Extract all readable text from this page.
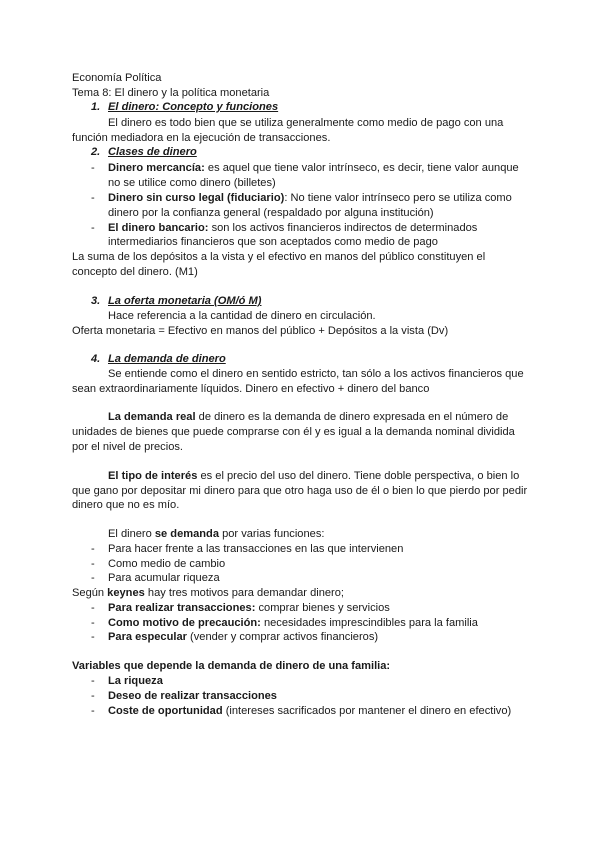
Economía Política
Tema 8: El dinero y la política monetaria
1. El dinero: Concepto y funciones
El dinero es todo bien que se utiliza generalmente como medio de pago con una
función mediadora en la ejecución de transacciones.
2. Clases de dinero
- Dinero mercancía: es aquel que tiene valor intrínseco, es decir, tiene valor aunque
no se utilice como dinero (billetes)
- Dinero sin curso legal (fiduciario): No tiene valor intrínseco pero se utiliza como
dinero por la confianza general (respaldado por alguna institución)
- El dinero bancario: son los activos financieros indirectos de determinados
intermediarios financieros que son aceptados como medio de pago
La suma de los depósitos a la vista y el efectivo en manos del público constituyen el
concepto del dinero. (M1)
3. La oferta monetaria (OM/ó M)
Hace referencia a la cantidad de dinero en circulación.
Oferta monetaria = Efectivo en manos del público + Depósitos a la vista (Dv)
4. La demanda de dinero
Se entiende como el dinero en sentido estricto, tan sólo a los activos financieros que
sean extraordinariamente líquidos. Dinero en efectivo + dinero del banco
La demanda real de dinero es la demanda de dinero expresada en el número de
unidades de bienes que puede comprarse con él y es igual a la demanda nominal dividida
por el nivel de precios.
El tipo de interés es el precio del uso del dinero. Tiene doble perspectiva, o bien lo
que gano por depositar mi dinero para que otro haga uso de él o bien lo que pierdo por pedir
dinero que no es mío.
El dinero se demanda por varias funciones:
- Para hacer frente a las transacciones en las que intervienen
- Como medio de cambio
- Para acumular riqueza
Según keynes hay tres motivos para demandar dinero;
- Para realizar transacciones: comprar bienes y servicios
- Como motivo de precaución: necesidades imprescindibles para la familia
- Para especular (vender y comprar activos financieros)
Variables que depende la demanda de dinero de una familia:
- La riqueza
- Deseo de realizar transacciones
- Coste de oportunidad (intereses sacrificados por mantener el dinero en efectivo)
